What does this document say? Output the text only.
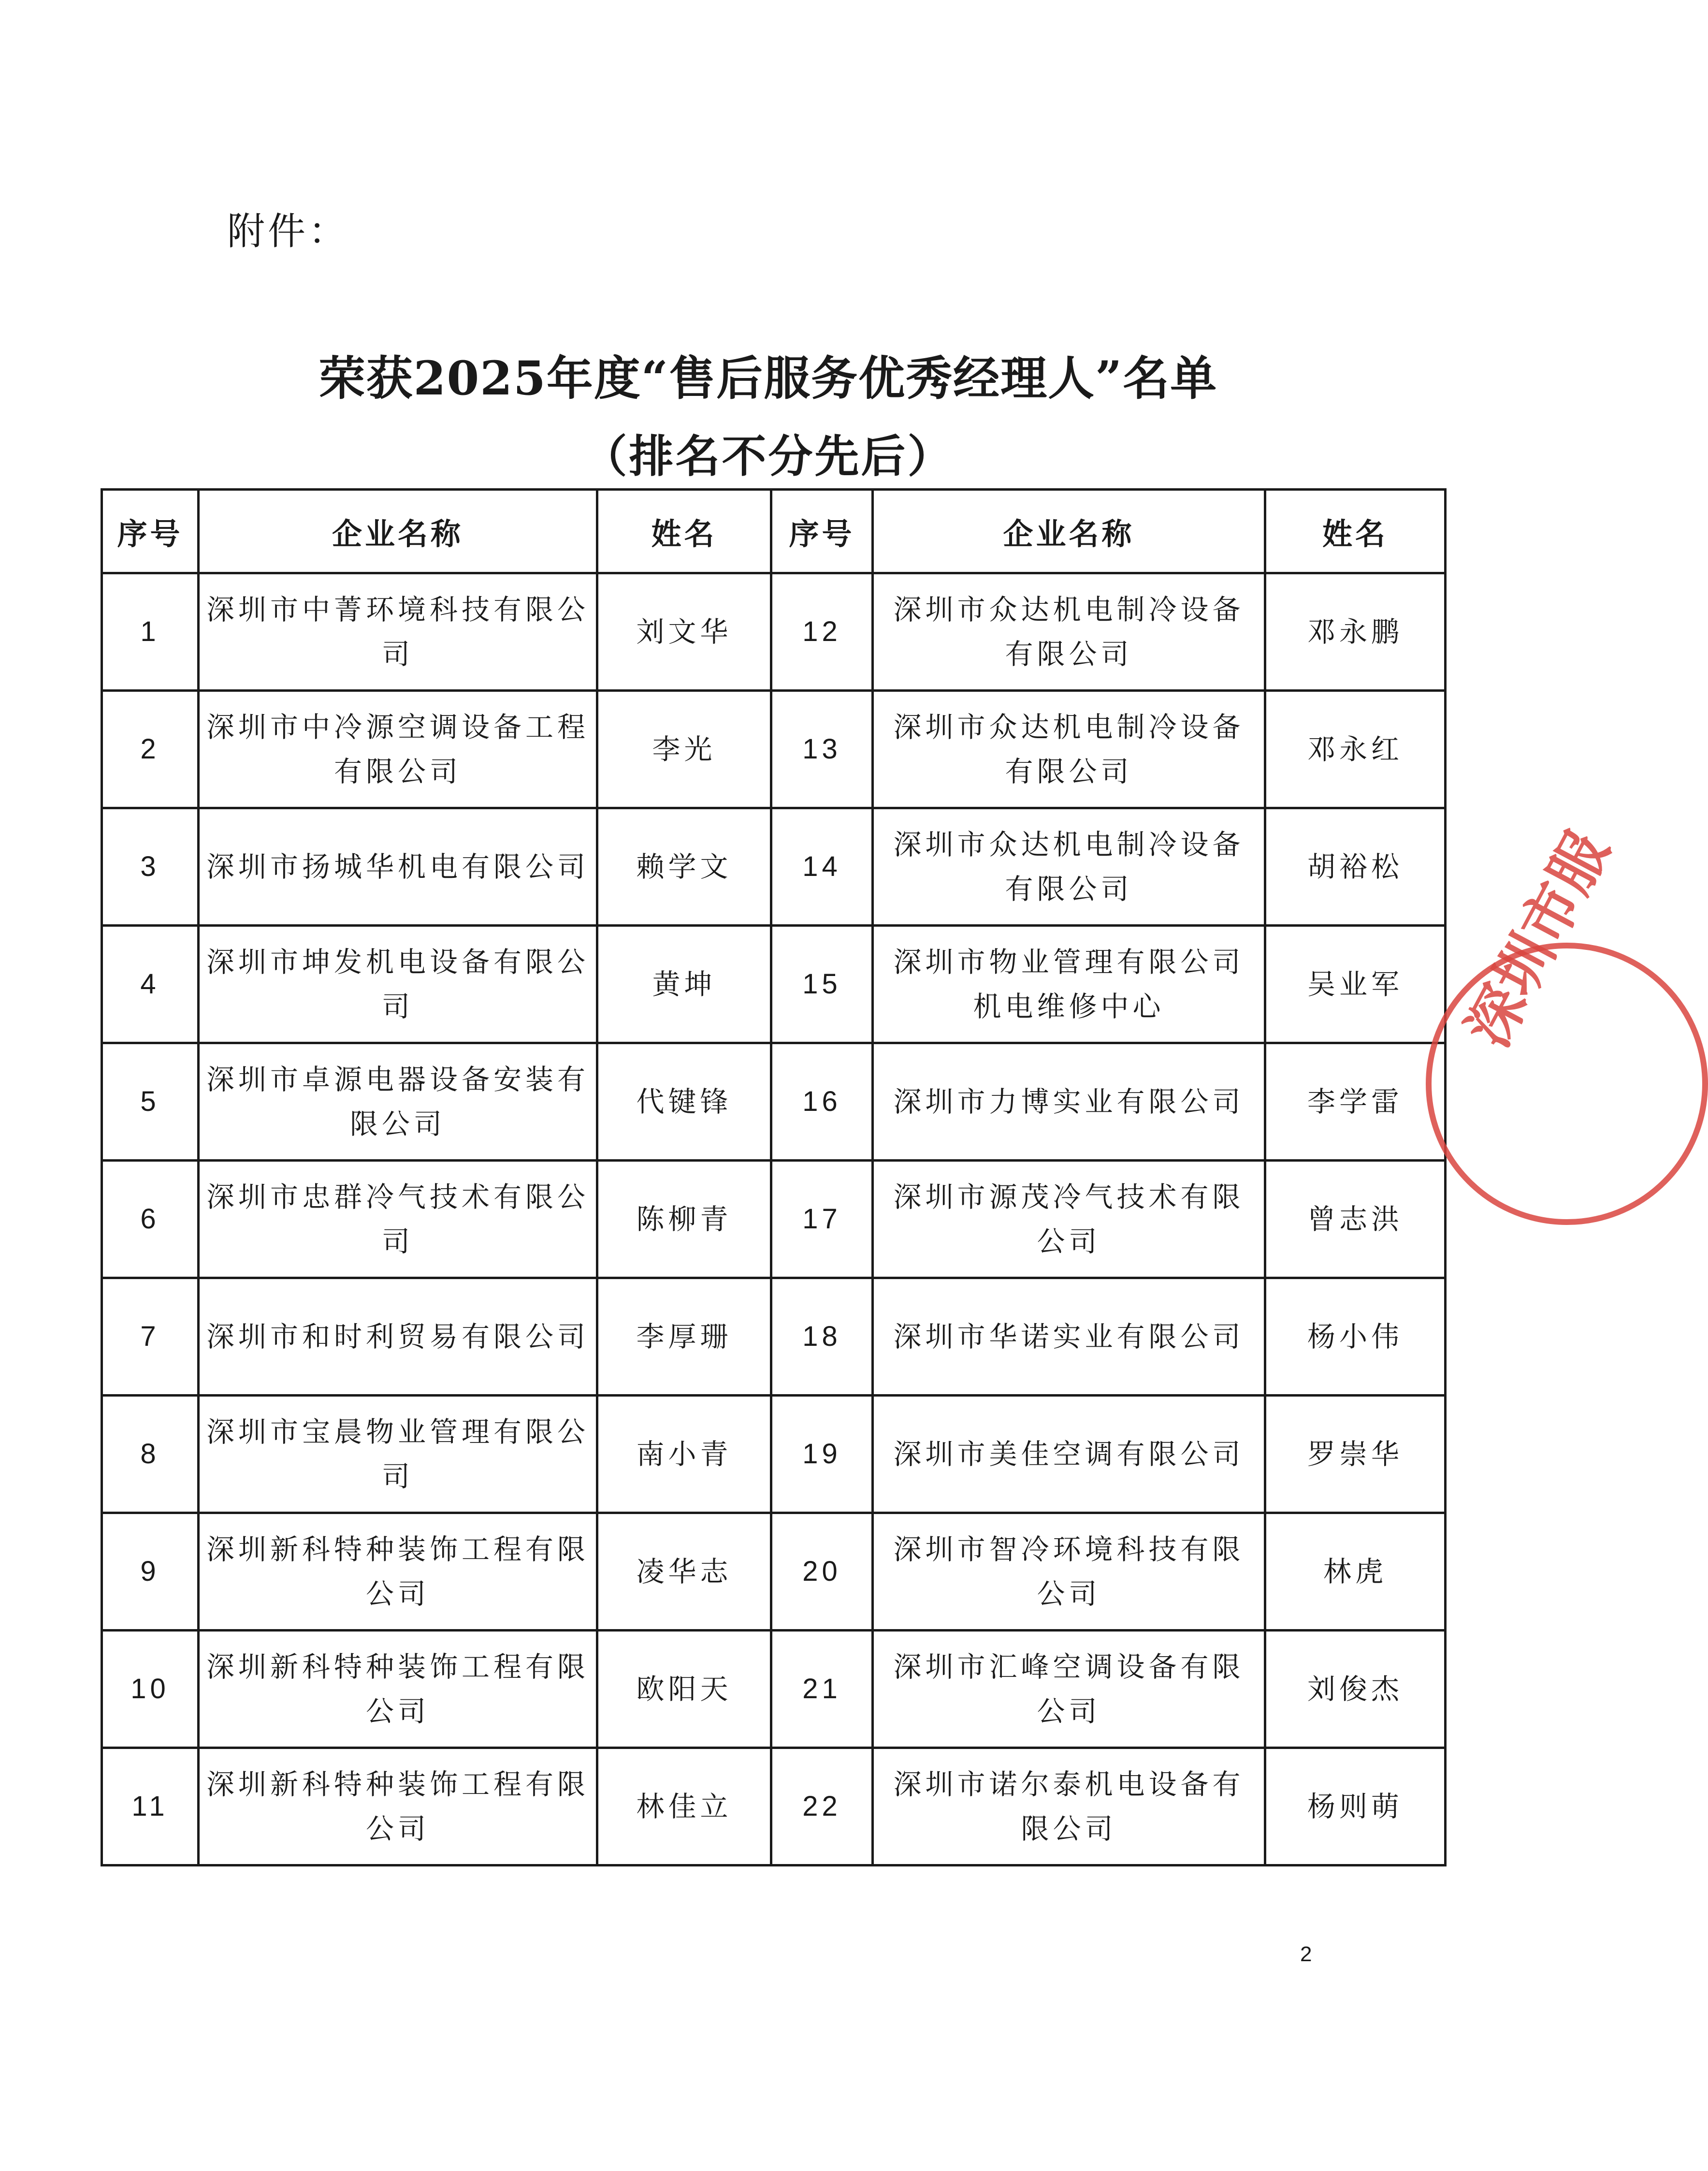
附件：
荣获2025年度“售后服务优秀经理人”名单
（排名不分先后）
序号	企业名称	姓名	序号	企业名称	姓名
1	深圳市中菁环境科技有限公司	刘文华	12	深圳市众达机电制冷设备有限公司	邓永鹏
2	深圳市中冷源空调设备工程有限公司	李光	13	深圳市众达机电制冷设备有限公司	邓永红
3	深圳市扬城华机电有限公司	赖学文	14	深圳市众达机电制冷设备有限公司	胡裕松
4	深圳市坤发机电设备有限公司	黄坤	15	深圳市物业管理有限公司机电维修中心	吴业军
5	深圳市卓源电器设备安装有限公司	代键锋	16	深圳市力博实业有限公司	李学雷
6	深圳市忠群冷气技术有限公司	陈柳青	17	深圳市源茂冷气技术有限公司	曾志洪
7	深圳市和时利贸易有限公司	李厚珊	18	深圳市华诺实业有限公司	杨小伟
8	深圳市宝晨物业管理有限公司	南小青	19	深圳市美佳空调有限公司	罗崇华
9	深圳新科特种装饰工程有限公司	凌华志	20	深圳市智冷环境科技有限公司	林虎
10	深圳新科特种装饰工程有限公司	欧阳天	21	深圳市汇峰空调设备有限公司	刘俊杰
11	深圳新科特种装饰工程有限公司	林佳立	22	深圳市诺尔泰机电设备有限公司	杨则萌
深圳市服
2
